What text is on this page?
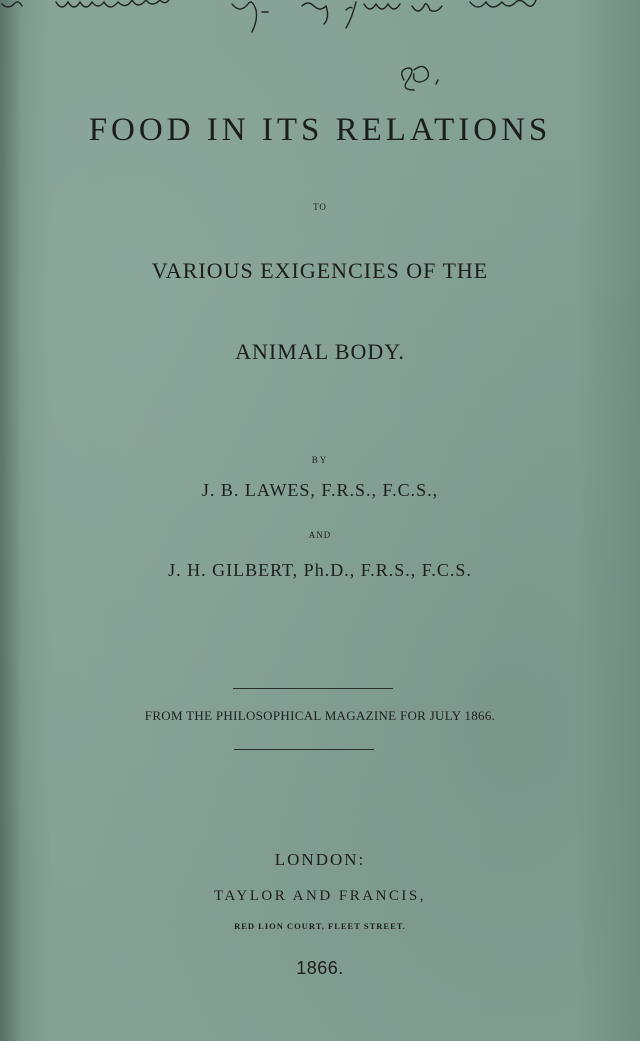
FOOD IN ITS RELATIONS
TO
VARIOUS EXIGENCIES OF THE
ANIMAL BODY.
BY
J. B. LAWES, F.R.S., F.C.S.,
AND
J. H. GILBERT, Ph.D., F.R.S., F.C.S.
FROM THE PHILOSOPHICAL MAGAZINE FOR JULY 1866.
LONDON:
TAYLOR AND FRANCIS,
RED LION COURT, FLEET STREET.
1866.
